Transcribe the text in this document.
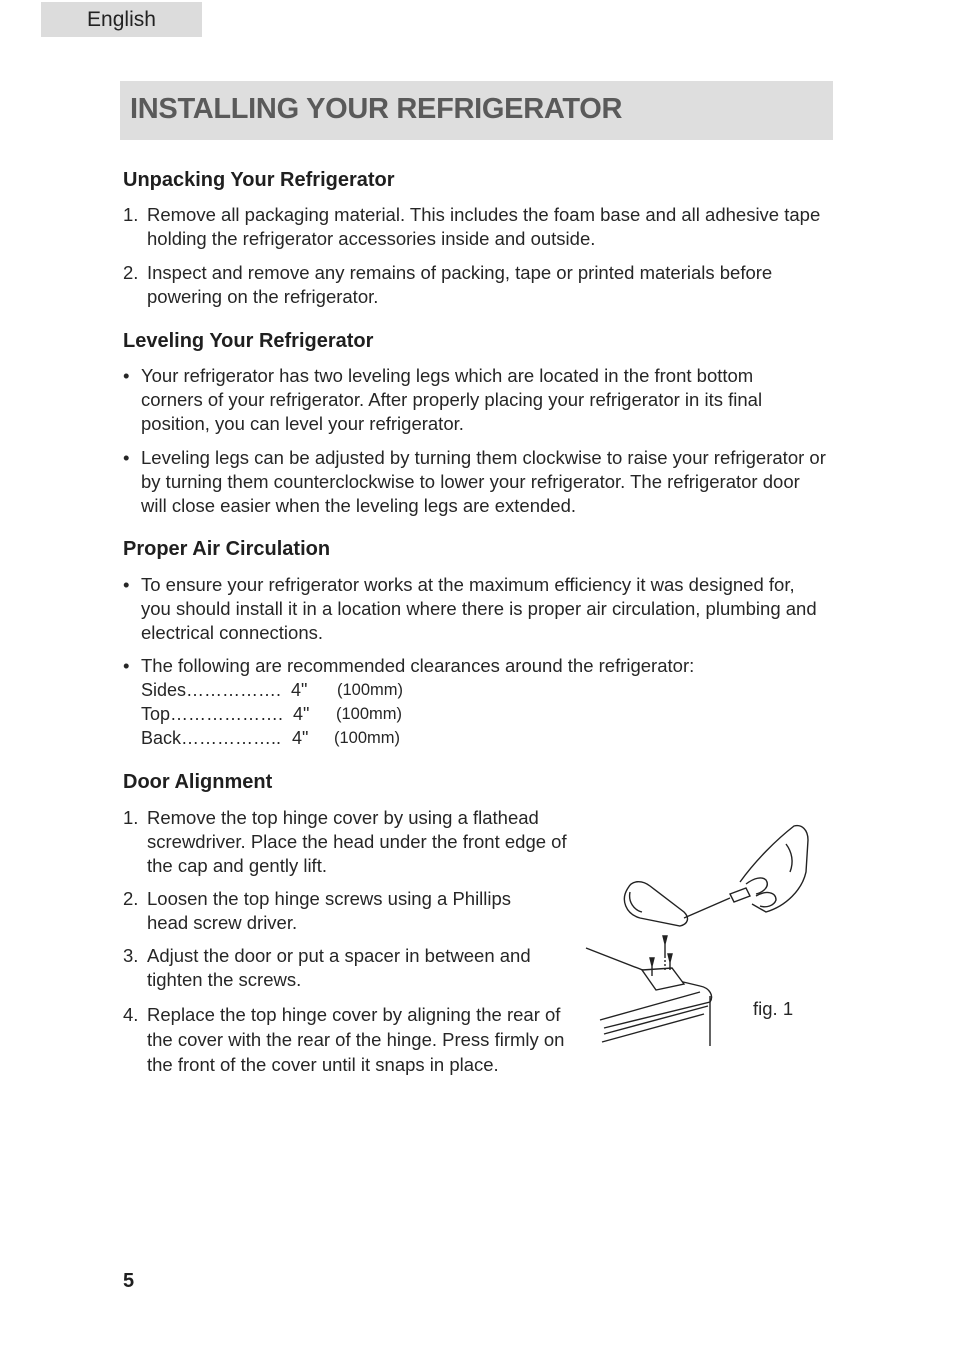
English
INSTALLING YOUR REFRIGERATOR
Unpacking Your Refrigerator
1. Remove all packaging material. This includes the foam base and all adhesive tape holding the refrigerator accessories inside and outside.
2. Inspect and remove any remains of packing, tape or printed materials before powering on the refrigerator.
Leveling Your Refrigerator
• Your refrigerator has two leveling legs which are located in the front bottom corners of your refrigerator. After properly placing your refrigerator in its final position, you can level your refrigerator.
• Leveling legs can be adjusted by turning them clockwise to raise your refrigerator or by turning them counterclockwise to lower your refrigerator. The refrigerator door will close easier when the leveling legs are extended.
Proper Air Circulation
• To ensure your refrigerator works at the maximum efficiency it was designed for, you should install it in a location where there is proper air circulation, plumbing and electrical connections.
• The following are recommended clearances around the refrigerator:
Sides……………. 4" (100mm)
Top………………. 4" (100mm)
Back…………….. 4" (100mm)
Door Alignment
1. Remove the top hinge cover by using a flathead screwdriver. Place the head under the front edge of the cap and gently lift.
2. Loosen the top hinge screws using a Phillips head screw driver.
3. Adjust the door or put a spacer in between and tighten the screws.
4. Replace the top hinge cover by aligning the rear of the cover with the rear of the hinge. Press firmly on the front of the cover until it snaps in place.
fig. 1
5
